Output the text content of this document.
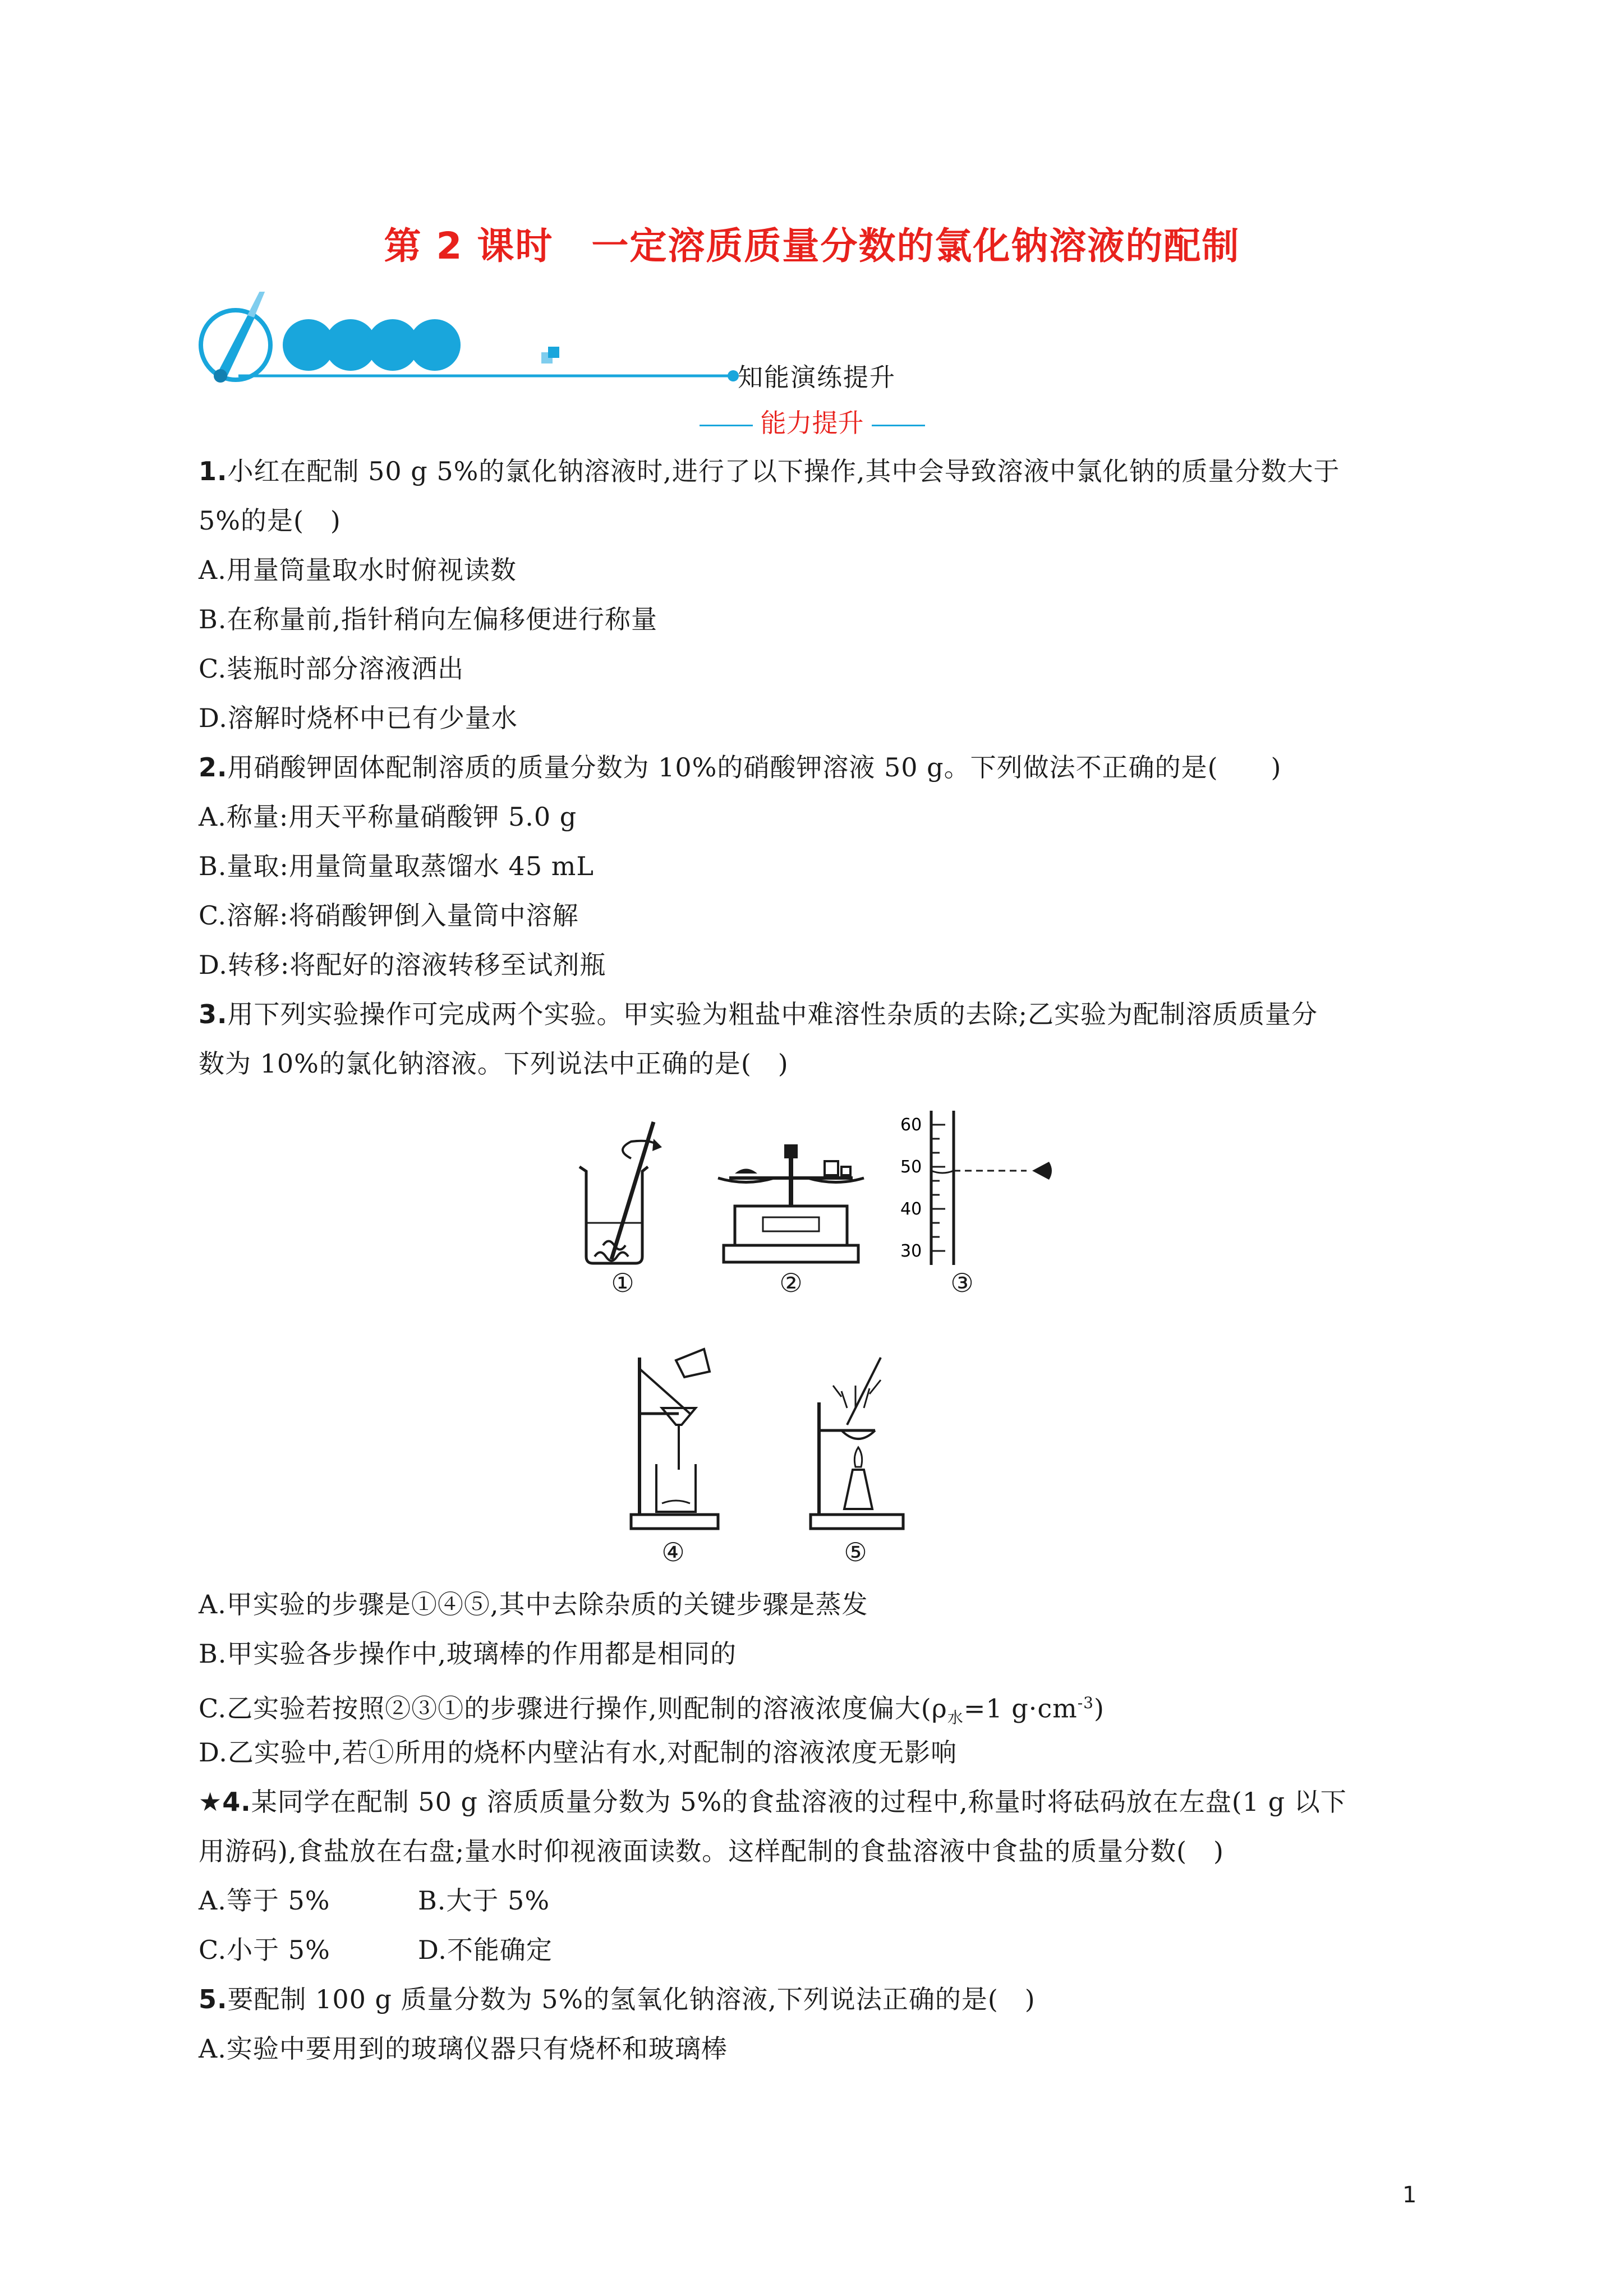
第 2 课时　一定溶质质量分数的氯化钠溶液的配制
知能演练提升
能力提升
1.小红在配制 50 g 5%的氯化钠溶液时,进行了以下操作,其中会导致溶液中氯化钠的质量分数大于
5%的是(　)
A.用量筒量取水时俯视读数
B.在称量前,指针稍向左偏移便进行称量
C.装瓶时部分溶液洒出
D.溶解时烧杯中已有少量水
2.用硝酸钾固体配制溶质的质量分数为 10%的硝酸钾溶液 50 g。下列做法不正确的是(　　)
A.称量:用天平称量硝酸钾 5.0 g
B.量取:用量筒量取蒸馏水 45 mL
C.溶解:将硝酸钾倒入量筒中溶解
D.转移:将配好的溶液转移至试剂瓶
3.用下列实验操作可完成两个实验。甲实验为粗盐中难溶性杂质的去除;乙实验为配制溶质质量分
数为 10%的氯化钠溶液。下列说法中正确的是(　)
①	②
60
50
40
30
③
④	⑤
A.甲实验的步骤是①④⑤,其中去除杂质的关键步骤是蒸发
B.甲实验各步操作中,玻璃棒的作用都是相同的
C.乙实验若按照②③①的步骤进行操作,则配制的溶液浓度偏大($\rho_水=1$ $g\cdot cm^{-3}$)
D.乙实验中,若①所用的烧杯内壁沾有水,对配制的溶液浓度无影响
★4.某同学在配制 50 g 溶质质量分数为 5%的食盐溶液的过程中,称量时将砝码放在左盘(1 g 以下
用游码),食盐放在右盘;量水时仰视液面读数。这样配制的食盐溶液中食盐的质量分数(　)
A.等于 5%	B.大于 5%
C.小于 5%	D.不能确定
5.要配制 100 g 质量分数为 5%的氢氧化钠溶液,下列说法正确的是(　)
A.实验中要用到的玻璃仪器只有烧杯和玻璃棒
1
